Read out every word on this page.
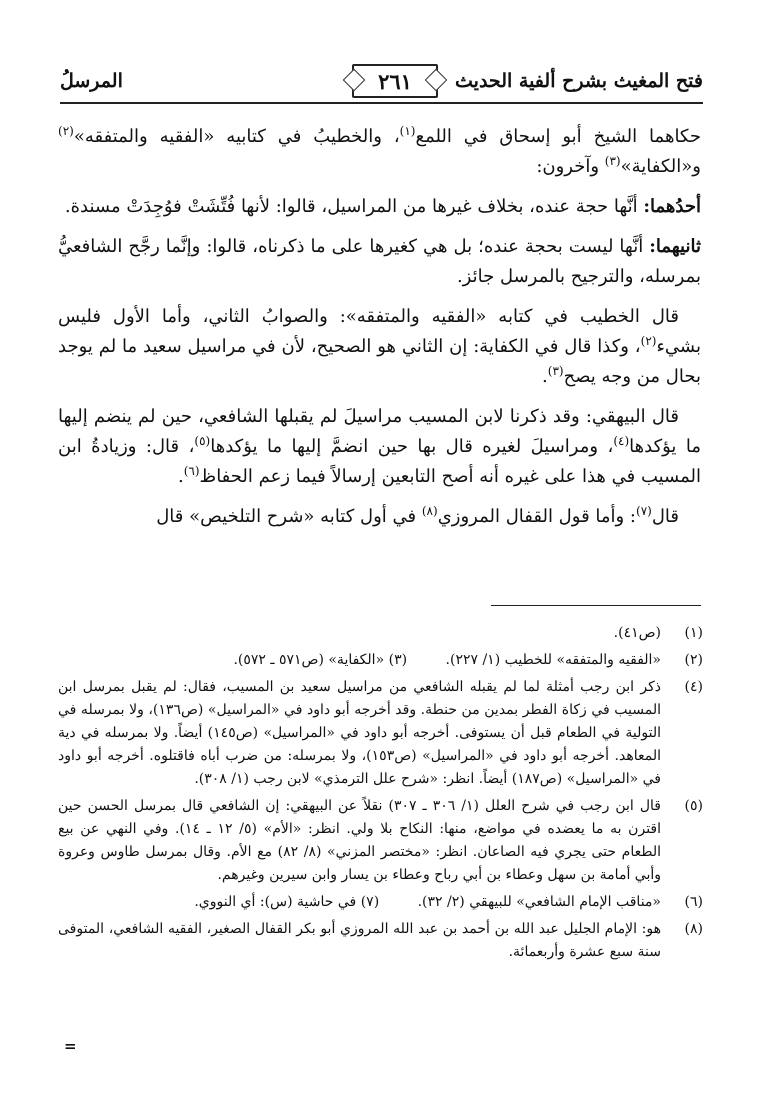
فتح المغيث بشرح ألفية الحديث
٢٦١
المرسلُ

حكاهما الشيخ أبو إسحاق في اللمع$^{(١)}$، والخطيبُ في كتابيه «الفقيه والمتفقه»$^{(٢)}$ و«الكفاية»$^{(٣)}$ وآخرون:

أحدُهما: أنَّها حجة عنده، بخلاف غيرها من المراسيل، قالوا: لأنها فُتِّشَتْ فوُجِدَتْ مسندة.

ثانيهما: أنَّها ليست بحجة عنده؛ بل هي كغيرها على ما ذكرناه، قالوا: وإنَّما رجَّح الشافعيُّ بمرسله، والترجيح بالمرسل جائز.

قال الخطيب في كتابه «الفقيه والمتفقه»: والصوابُ الثاني، وأما الأول فليس بشيء$^{(٢)}$، وكذا قال في الكفاية: إن الثاني هو الصحيح، لأن في مراسيل سعيد ما لم يوجد بحال من وجه يصح$^{(٣)}$.

قال البيهقي: وقد ذكرنا لابن المسيب مراسيلَ لم يقبلها الشافعي، حين لم ينضم إليها ما يؤكدها$^{(٤)}$، ومراسيلَ لغيره قال بها حين انضمَّ إليها ما يؤكدها$^{(٥)}$، قال: وزيادةُ ابن المسيب في هذا على غيره أنه أصح التابعين إرسالاً فيما زعم الحفاظ$^{(٦)}$.

قال$^{(٧)}$: وأما قول القفال المروزي$^{(٨)}$ في أول كتابه «شرح التلخيص» قال

(١)
(ص٤١).
(٢)
«الفقيه والمتفقه» للخطيب (١/ ٢٢٧). (٣) «الكفاية» (ص٥٧١ ـ ٥٧٢).
(٤)
ذكر ابن رجب أمثلة لما لم يقبله الشافعي من مراسيل سعيد بن المسيب، فقال: لم يقبل بمرسل ابن المسيب في زكاة الفطر بمدين من حنطة. وقد أخرجه أبو داود في «المراسيل» (ص١٣٦)، ولا بمرسله في التولية في الطعام قبل أن يستوفى. أخرجه أبو داود في «المراسيل» (ص١٤٥) أيضاً. ولا بمرسله في دية المعاهد. أخرجه أبو داود في «المراسيل» (ص١٥٣)، ولا بمرسله: من ضرب أباه فاقتلوه. أخرجه أبو داود في «المراسيل» (ص١٨٧) أيضاً. انظر: «شرح علل الترمذي» لابن رجب (١/ ٣٠٨).
(٥)
قال ابن رجب في شرح العلل (١/ ٣٠٦ ـ ٣٠٧) نقلاً عن البيهقي: إن الشافعي قال بمرسل الحسن حين اقترن به ما يعضده في مواضع، منها: النكاح بلا ولي. انظر: «الأم» (٥/ ١٢ ـ ١٤). وفي النهي عن بيع الطعام حتى يجري فيه الصاعان. انظر: «مختصر المزني» (٨/ ٨٢) مع الأم. وقال بمرسل طاوس وعروة وأبي أمامة بن سهل وعطاء بن أبي رباح وعطاء بن يسار وابن سيرين وغيرهم.
(٦)
«مناقب الإمام الشافعي» للبيهقي (٢/ ٣٢). (٧) في حاشية (س): أي النووي.
(٨)
هو: الإمام الجليل عبد الله بن أحمد بن عبد الله المروزي أبو بكر القفال الصغير، الفقيه الشافعي، المتوفى سنة سبع عشرة وأربعمائة.
=
